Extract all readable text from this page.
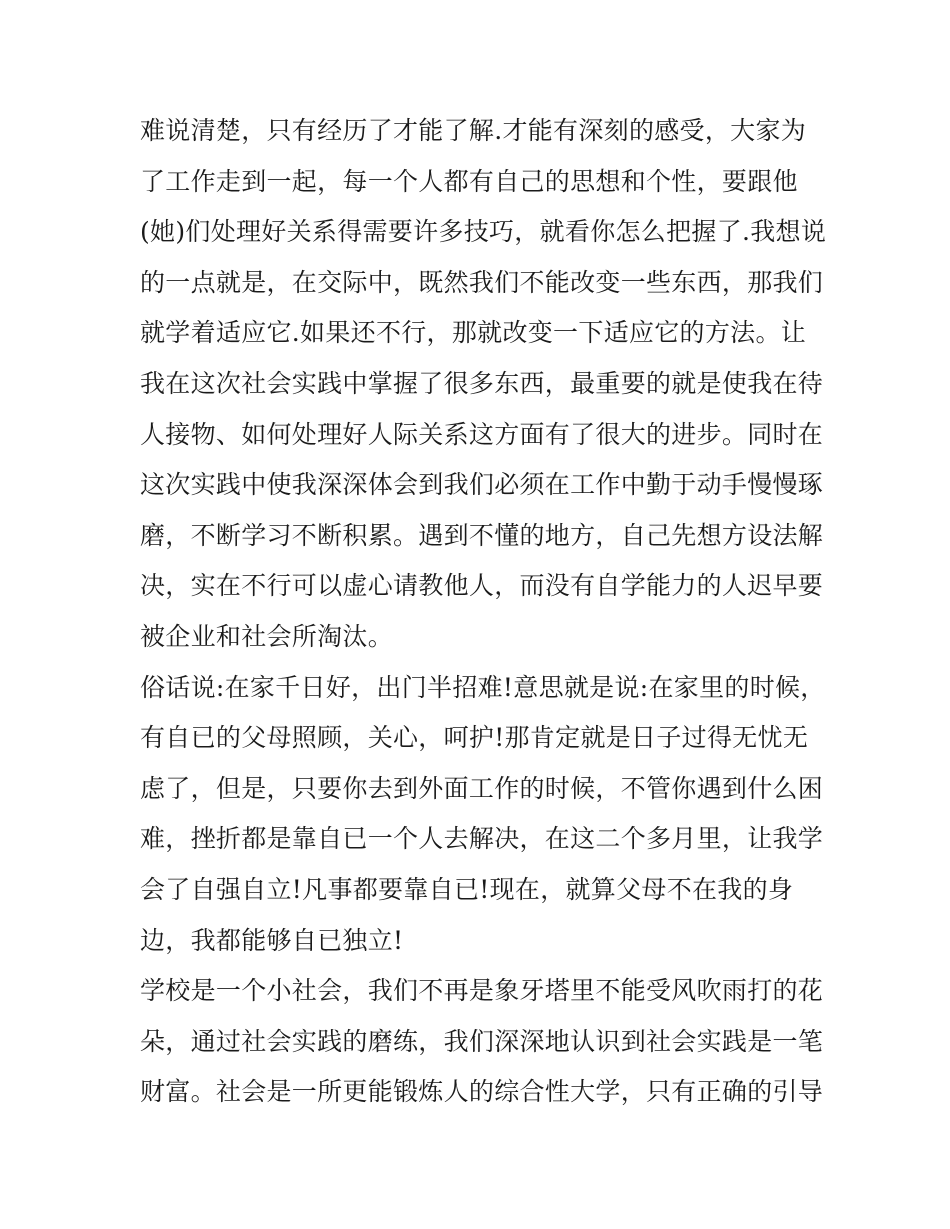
难说清楚，只有经历了才能了解.才能有深刻的感受，大家为
了工作走到一起，每一个人都有自己的思想和个性，要跟他
(她)们处理好关系得需要许多技巧，就看你怎么把握了.我想说
的一点就是，在交际中，既然我们不能改变一些东西，那我们
就学着适应它.如果还不行，那就改变一下适应它的方法。让
我在这次社会实践中掌握了很多东西，最重要的就是使我在待
人接物、如何处理好人际关系这方面有了很大的进步。同时在
这次实践中使我深深体会到我们必须在工作中勤于动手慢慢琢
磨，不断学习不断积累。遇到不懂的地方，自己先想方设法解
决，实在不行可以虚心请教他人，而没有自学能力的人迟早要
被企业和社会所淘汰。
俗话说:在家千日好，出门半招难!意思就是说:在家里的时候，
有自已的父母照顾，关心，呵护!那肯定就是日子过得无忧无
虑了，但是，只要你去到外面工作的时候，不管你遇到什么困
难，挫折都是靠自已一个人去解决，在这二个多月里，让我学
会了自强自立!凡事都要靠自已!现在，就算父母不在我的身
边，我都能够自已独立!
学校是一个小社会，我们不再是象牙塔里不能受风吹雨打的花
朵，通过社会实践的磨练，我们深深地认识到社会实践是一笔
财富。社会是一所更能锻炼人的综合性大学，只有正确的引导
